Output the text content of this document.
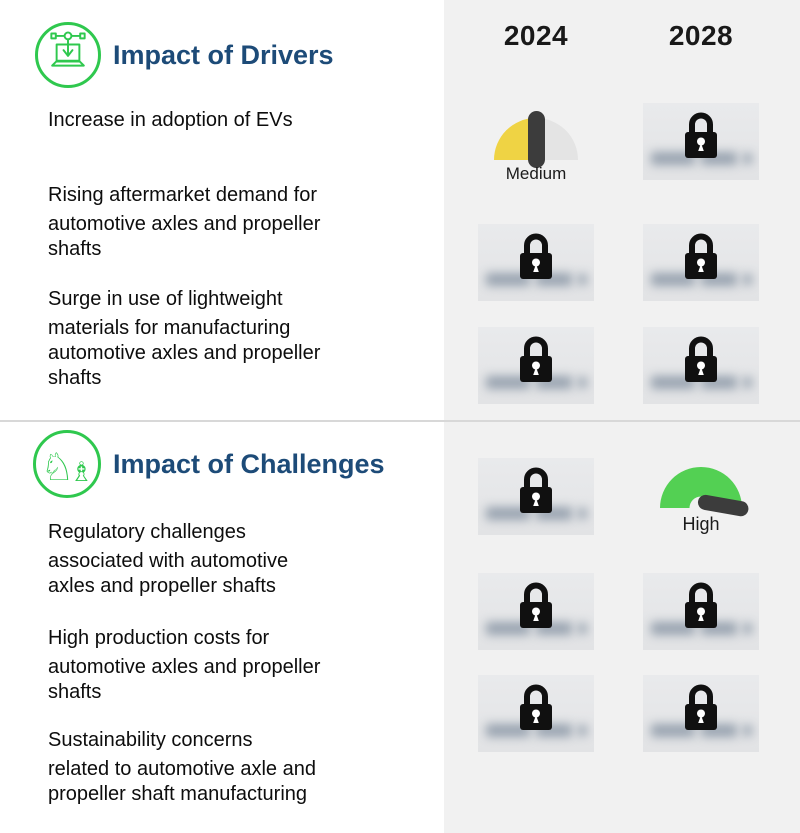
2024	2028
Impact of Drivers
Increase in adoption of EVs
Rising aftermarket demand for
automotive axles and propeller
shafts
Surge in use of lightweight
materials for manufacturing
automotive axles and propeller
shafts
Medium
♘
♗ Impact of Challenges
Regulatory challenges
associated with automotive
axles and propeller shafts
High production costs for
automotive axles and propeller
shafts
Sustainability concerns
related to automotive axle and
propeller shaft manufacturing
High
